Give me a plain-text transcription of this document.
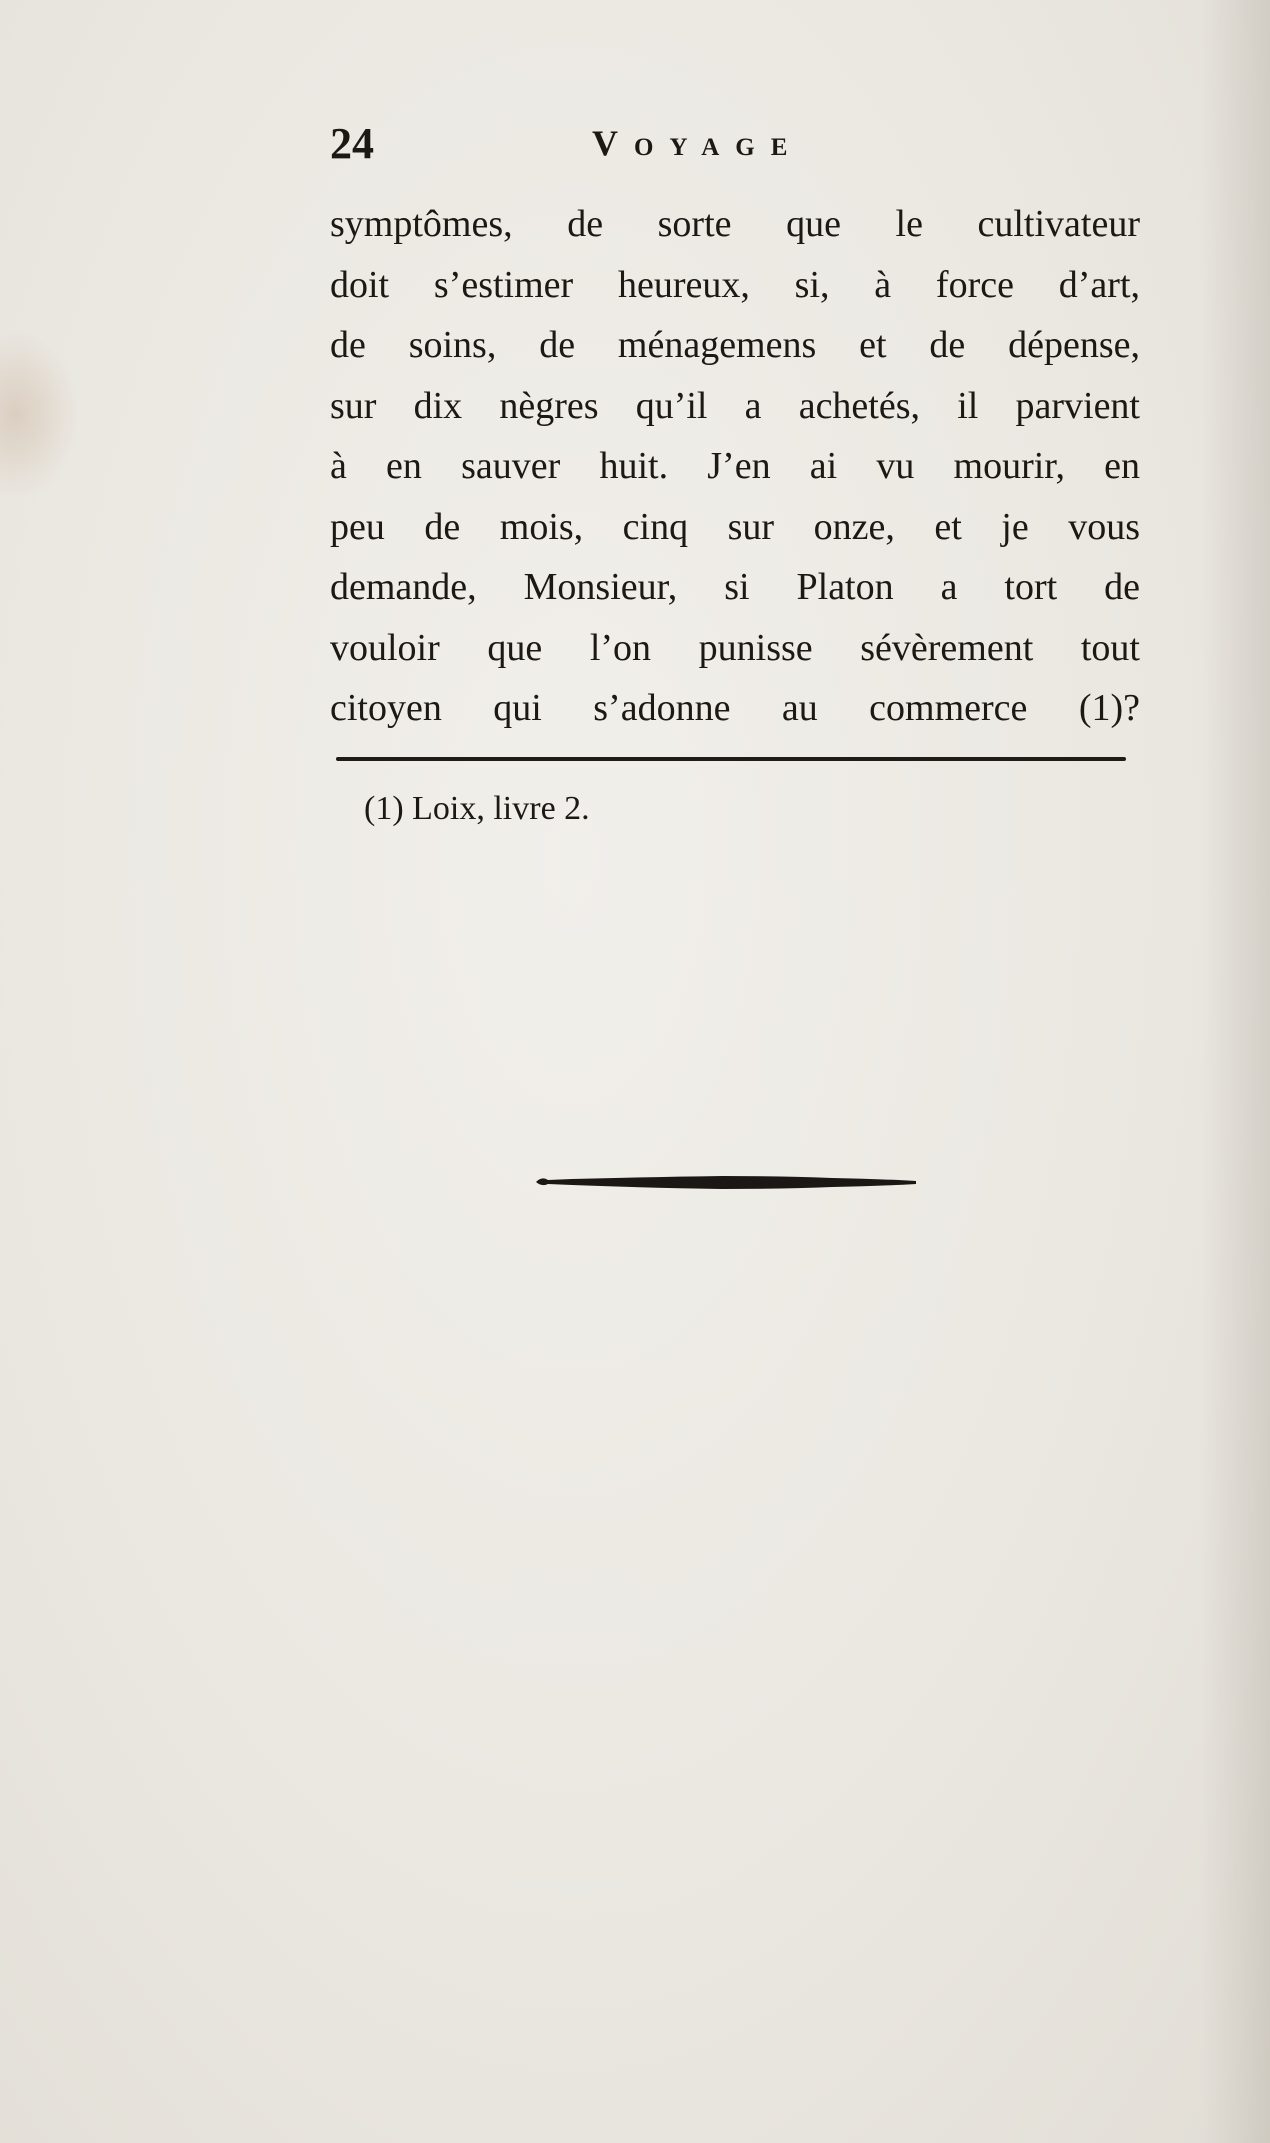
24	Voyage
symptômes, de sorte que le cultivateur
doit s’estimer heureux, si, à force d’art,
de soins, de ménagemens et de dépense,
sur dix nègres qu’il a achetés, il parvient
à en sauver huit. J’en ai vu mourir, en
peu de mois, cinq sur onze, et je vous
demande, Monsieur, si Platon a tort de
vouloir que l’on punisse sévèrement tout
citoyen qui s’adonne au commerce (1)?
(1) Loix, livre 2.
